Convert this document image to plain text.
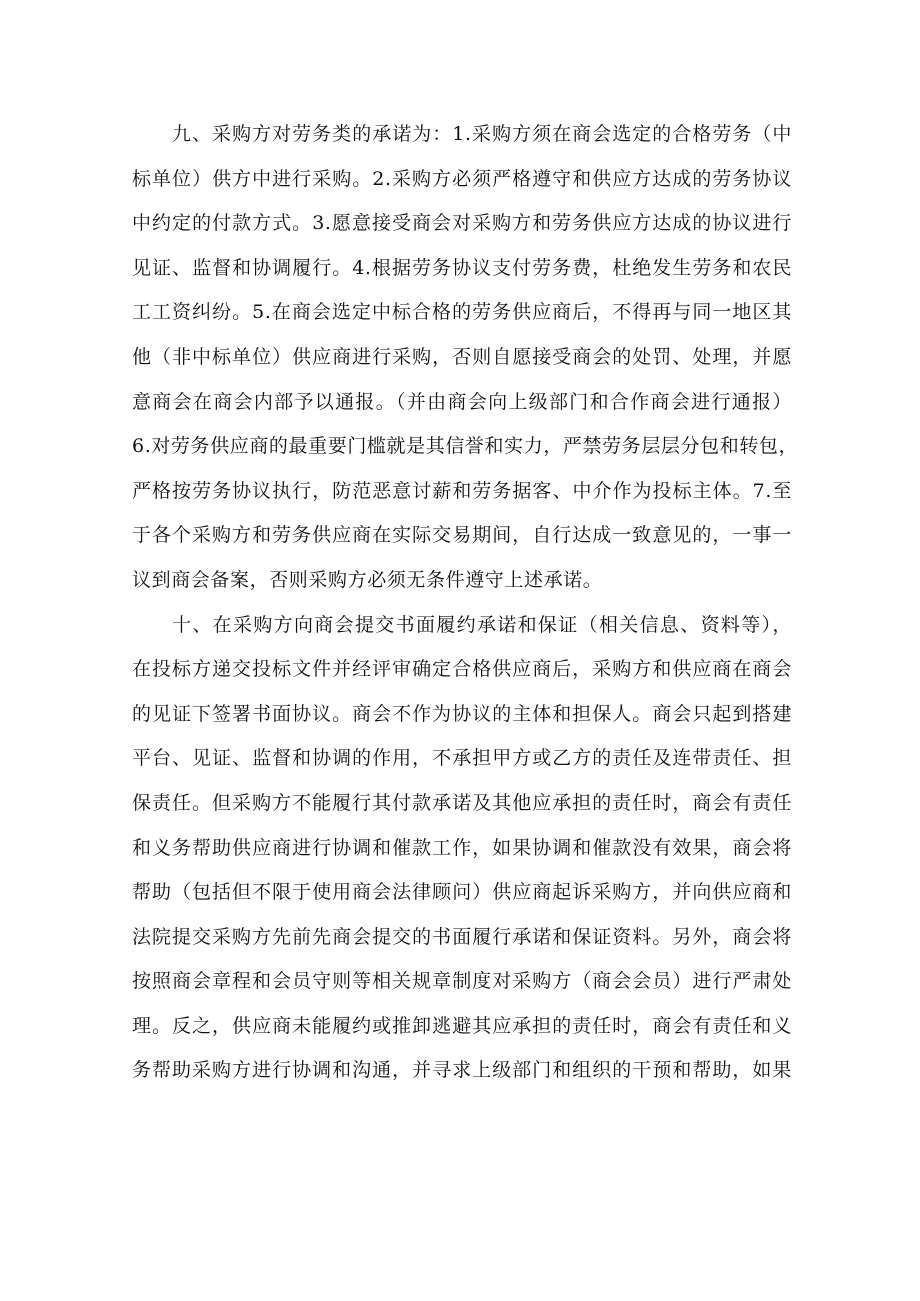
九、采购方对劳务类的承诺为：1.采购方须在商会选定的合格劳务（中
标单位）供方中进行采购。2.采购方必须严格遵守和供应方达成的劳务协议
中约定的付款方式。3.愿意接受商会对采购方和劳务供应方达成的协议进行
见证、监督和协调履行。4.根据劳务协议支付劳务费，杜绝发生劳务和农民
工工资纠纷。5.在商会选定中标合格的劳务供应商后，不得再与同一地区其
他（非中标单位）供应商进行采购，否则自愿接受商会的处罚、处理，并愿
意商会在商会内部予以通报。（并由商会向上级部门和合作商会进行通报）
6.对劳务供应商的最重要门槛就是其信誉和实力，严禁劳务层层分包和转包，
严格按劳务协议执行，防范恶意讨薪和劳务据客、中介作为投标主体。7.至
于各个采购方和劳务供应商在实际交易期间，自行达成一致意见的，一事一
议到商会备案，否则采购方必须无条件遵守上述承诺。
十、在采购方向商会提交书面履约承诺和保证（相关信息、资料等），
在投标方递交投标文件并经评审确定合格供应商后，采购方和供应商在商会
的见证下签署书面协议。商会不作为协议的主体和担保人。商会只起到搭建
平台、见证、监督和协调的作用，不承担甲方或乙方的责任及连带责任、担
保责任。但采购方不能履行其付款承诺及其他应承担的责任时，商会有责任
和义务帮助供应商进行协调和催款工作，如果协调和催款没有效果，商会将
帮助（包括但不限于使用商会法律顾问）供应商起诉采购方，并向供应商和
法院提交采购方先前先商会提交的书面履行承诺和保证资料。另外，商会将
按照商会章程和会员守则等相关规章制度对采购方（商会会员）进行严肃处
理。反之，供应商未能履约或推卸逃避其应承担的责任时，商会有责任和义
务帮助采购方进行协调和沟通，并寻求上级部门和组织的干预和帮助，如果
